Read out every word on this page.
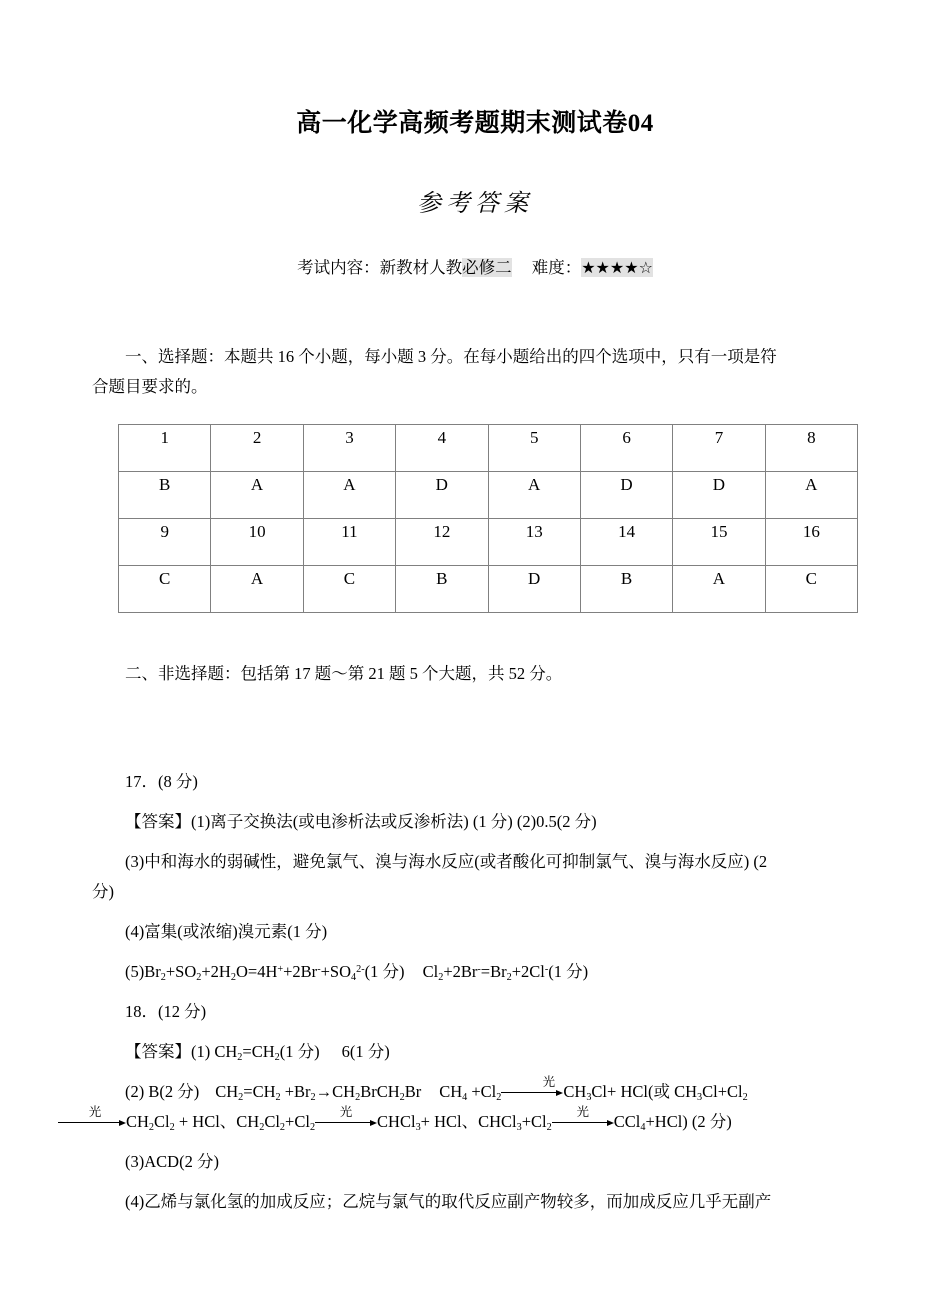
高一化学高频考题期末测试卷04
参考答案
考试内容：新教材人教必修二 难度：★★★★☆

一、选择题：本题共 16 个小题，每小题 3 分。在每小题给出的四个选项中，只有一项是符
合题目要求的。

1	2	3	4	5	6	7	8
B	A	A	D	A	D	D	A
9	10	11	12	13	14	15	16
C	A	C	B	D	B	A	C

二、非选择题：包括第 17 题～第 21 题 5 个大题，共 52 分。

17．(8 分)

【答案】(1)离子交换法(或电渗析法或反渗析法) (1 分) (2)0.5(2 分)

(3)中和海水的弱碱性，避免氯气、溴与海水反应(或者酸化可抑制氯气、溴与海水反应) (2
分)

(4)富集(或浓缩)溴元素(1 分)

$(5)Br_2+SO_2+2H_2O=4H^++2Br^-+SO_4^{2-}(1$ 分) $Cl_2+2Br^-=Br_2+2Cl^-(1$ 分)

18．(12 分)

【答案】(1) $CH_2=CH_2(1$ 分) 6(1 分)

(2) B(2 分) $CH_2=CH_2$ $+Br_2\to CH_2BrCH_2Br$ $CH_4 +Cl_2$
光 $CH_3Cl+ HCl$(或 $CH_3Cl+Cl_2$

光 $CH_2Cl_2$ + HCl、$CH_2Cl_2+Cl_2$
光 CHCl$_3$+ HCl、$CHCl_3+Cl_2$
光 CCl$_4$+HCl) (2 分)

(3)ACD(2 分)

(4)乙烯与氯化氢的加成反应；乙烷与氯气的取代反应副产物较多，而加成反应几乎无副产
